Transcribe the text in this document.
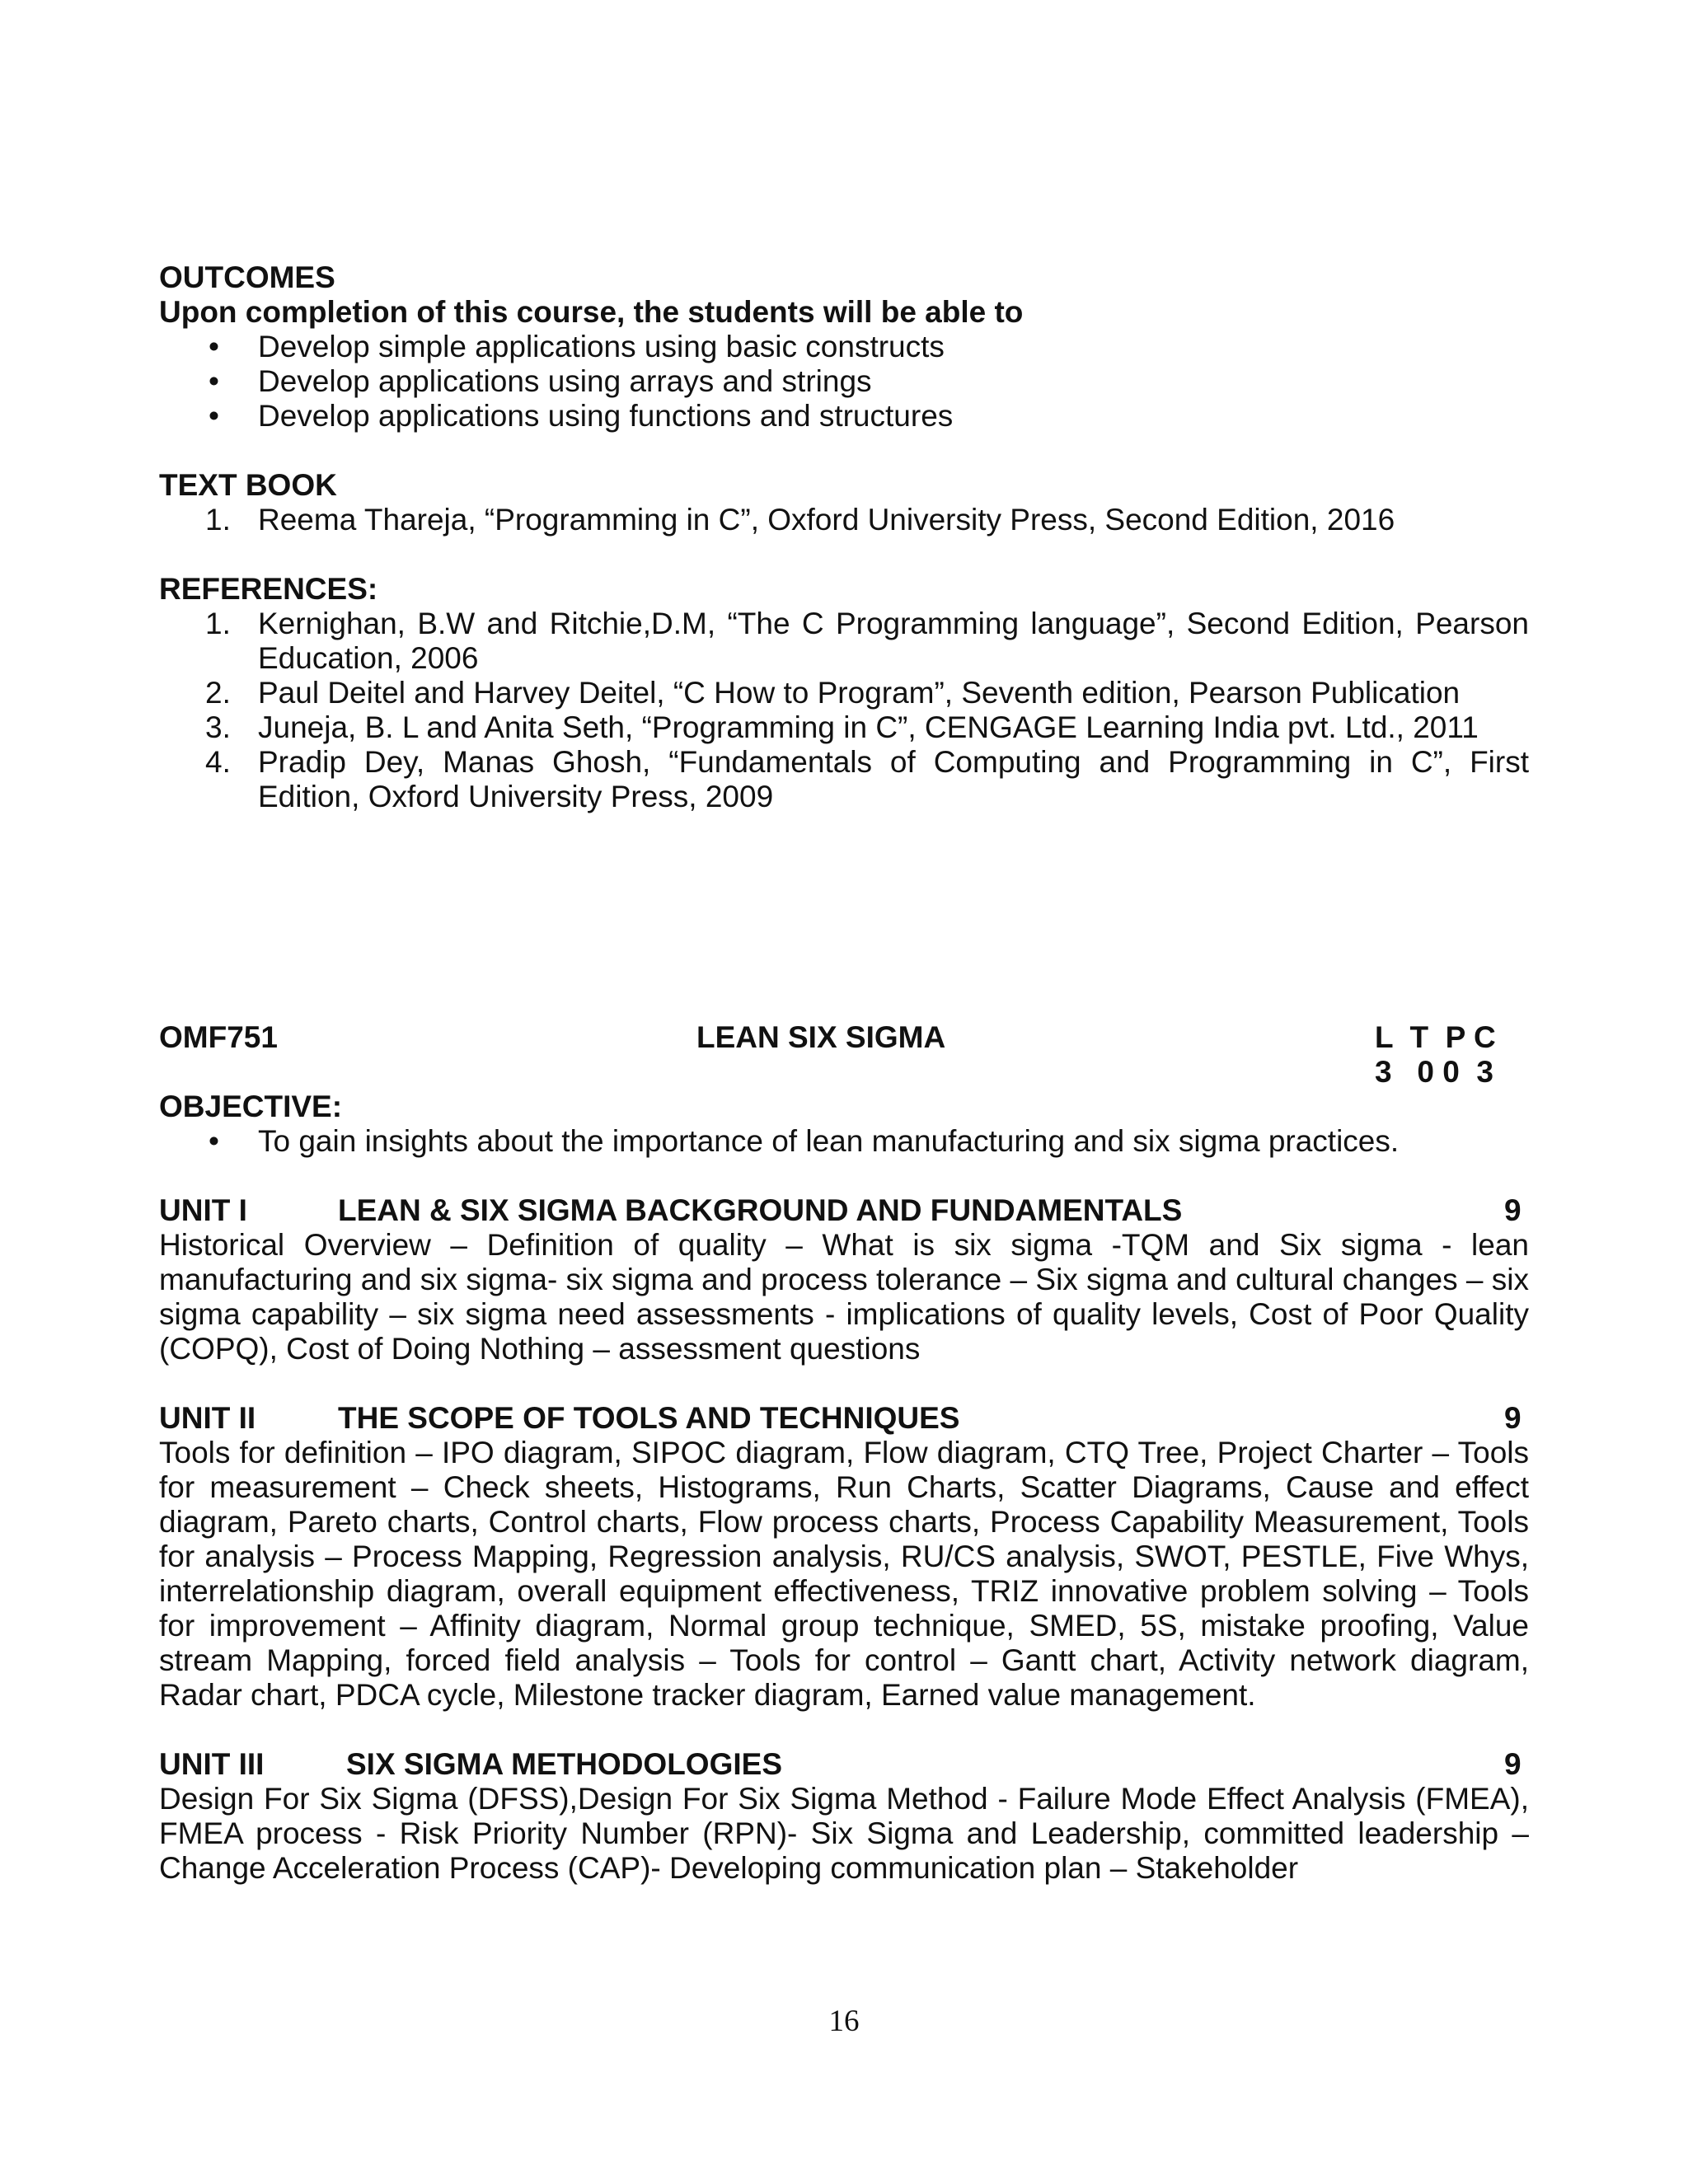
OUTCOMES
Upon completion of this course, the students will be able to
• Develop simple applications using basic constructs
• Develop applications using arrays and strings
• Develop applications using functions and structures
TEXT BOOK
1. Reema Thareja, “Programming in C”, Oxford University Press, Second Edition, 2016
REFERENCES:
1. Kernighan, B.W and Ritchie,D.M, “The C Programming language”, Second Edition, Pearson Education, 2006
2. Paul Deitel and Harvey Deitel, “C How to Program”, Seventh edition, Pearson Publication
3. Juneja, B. L and Anita Seth, “Programming in C”, CENGAGE Learning India pvt. Ltd., 2011
4. Pradip Dey, Manas Ghosh, “Fundamentals of Computing and Programming in C”, First Edition, Oxford University Press, 2009
OMF751	LEAN SIX SIGMA	L  T  P C
3   0 0  3
OBJECTIVE:
• To gain insights about the importance of lean manufacturing and six sigma practices.
UNIT I	LEAN & SIX SIGMA BACKGROUND AND FUNDAMENTALS	9

Historical Overview – Definition of quality – What is six sigma -TQM and Six sigma - lean manufacturing and six sigma- six sigma and process tolerance – Six sigma and cultural changes – six sigma capability – six sigma need assessments - implications of quality levels, Cost of Poor Quality (COPQ), Cost of Doing Nothing – assessment questions

UNIT II	THE SCOPE OF TOOLS AND TECHNIQUES	9

Tools for definition – IPO diagram, SIPOC diagram, Flow diagram, CTQ Tree, Project Charter – Tools for measurement – Check sheets, Histograms, Run Charts, Scatter Diagrams, Cause and effect diagram, Pareto charts, Control charts, Flow process charts, Process Capability Measurement, Tools for analysis – Process Mapping, Regression analysis, RU/CS analysis, SWOT, PESTLE, Five Whys, interrelationship diagram, overall equipment effectiveness, TRIZ innovative problem solving – Tools for improvement – Affinity diagram, Normal group technique, SMED, 5S, mistake proofing, Value stream Mapping, forced field analysis – Tools for control – Gantt chart, Activity network diagram, Radar chart, PDCA cycle, Milestone tracker diagram, Earned value management.

UNIT III	SIX SIGMA METHODOLOGIES	9

Design For Six Sigma (DFSS),Design For Six Sigma Method - Failure Mode Effect Analysis (FMEA), FMEA process - Risk Priority Number (RPN)- Six Sigma and Leadership, committed leadership – Change Acceleration Process (CAP)- Developing communication plan – Stakeholder

16
